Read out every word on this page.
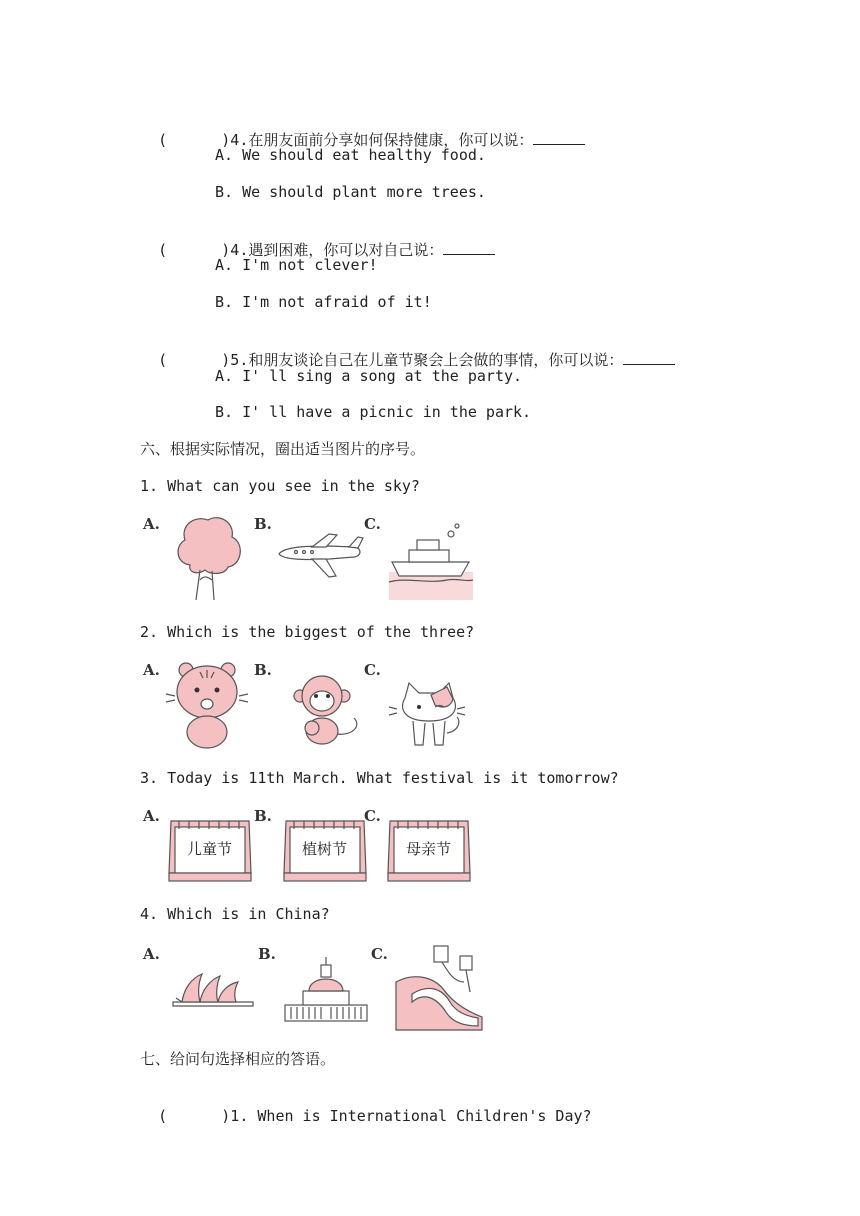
(	)4.在朋友面前分享如何保持健康，你可以说：

A. We should eat healthy food.
B. We should plant more trees.

(	)4.遇到困难，你可以对自己说：

A. I'm not clever!
B. I'm not afraid of it!

(	)5.和朋友谈论自己在儿童节聚会上会做的事情，你可以说：

A. I' ll sing a song at the party.
B. I' ll have a picnic in the park.
六、根据实际情况，圈出适当图片的序号。
1. What can you see in the sky?
A.	B.	C.
2. Which is the biggest of the three?
A.	B.	C.
3. Today is 11th March. What festival is it tomorrow?
A.	B.	C.
儿童节	植树节	母亲节
4. Which is in China?
A.	B.	C.
七、给问句选择相应的答语。

(	)1. When is International Children's Day?
